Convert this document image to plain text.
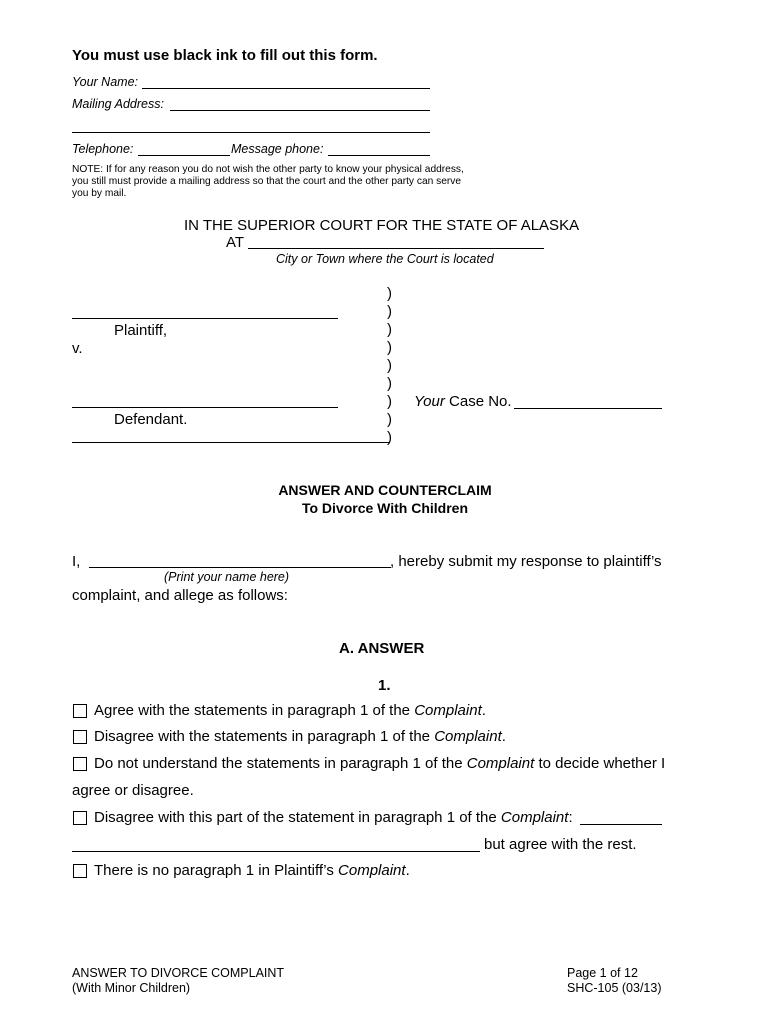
You must use black ink to fill out this form.
Your Name:
Mailing Address:
Telephone:	Message phone:
NOTE: If for any reason you do not wish the other party to know your physical address,
you still must provide a mailing address so that the court and the other party can serve
you by mail.
IN THE SUPERIOR COURT FOR THE STATE OF ALASKA
AT
City or Town where the Court is located
Plaintiff,
v.
Defendant.
)
)
)
)
)
)
)
)
)
Your Case No.
ANSWER AND COUNTERCLAIM
To Divorce With Children
I,	, hereby submit my response to plaintiff’s
(Print your name here)
complaint, and allege as follows:
A. ANSWER
1.
Agree with the statements in paragraph 1 of the Complaint.
Disagree with the statements in paragraph 1 of the Complaint.
Do not understand the statements in paragraph 1 of the Complaint to decide whether I
agree or disagree.
Disagree with this part of the statement in paragraph 1 of the Complaint:
but agree with the rest.
There is no paragraph 1 in Plaintiff’s Complaint.
ANSWER TO DIVORCE COMPLAINT
(With Minor Children)
Page 1 of 12
SHC-105 (03/13)
